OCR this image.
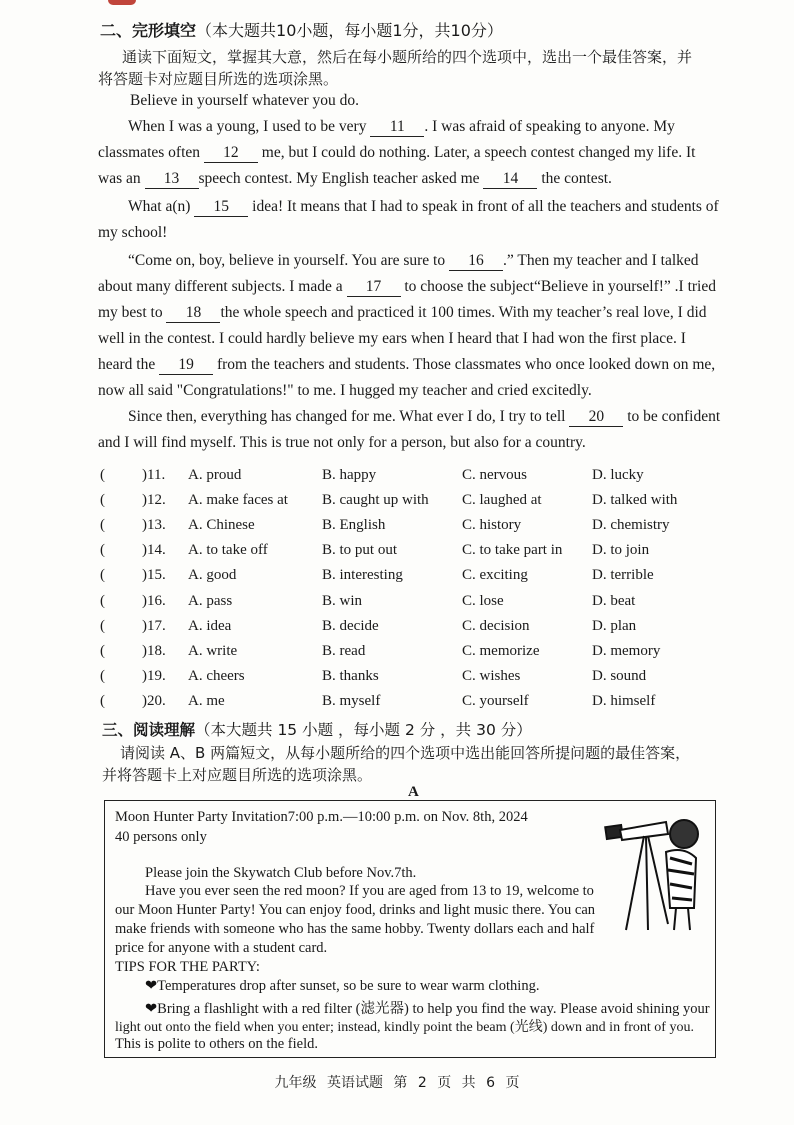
二、完形填空（本大题共10小题，每小题1分，共10分）
通读下面短文，掌握其大意，然后在每小题所给的四个选项中，选出一个最佳答案，并
将答题卡对应题目所选的选项涂黑。
Believe in yourself whatever you do.
When I was a young, I used to be very 11 . I was afraid of speaking to anyone. My
classmates often 12 me, but I could do nothing. Later, a speech contest changed my life. It
was an 13 speech contest. My English teacher asked me 14 the contest.
What a(n) 15 idea! It means that I had to speak in front of all the teachers and students of
my school!
“Come on, boy, believe in yourself. You are sure to 16 .” Then my teacher and I talked
about many different subjects. I made a 17 to choose the subject“Believe in yourself!” .I tried
my best to 18 the whole speech and practiced it 100 times. With my teacher’s real love, I did
well in the contest. I could hardly believe my ears when I heard that I had won the first place. I
heard the 19 from the teachers and students. Those classmates who once looked down on me,
now all said "Congratulations!" to me. I hugged my teacher and cried excitedly.
Since then, everything has changed for me. What ever I do, I try to tell 20 to be confident
and I will find myself. This is true not only for a person, but also for a country.
( )11. A. proud	B. happy	C. nervous	D. lucky
( )12. A. make faces at B. caught up with C. laughed at	D. talked with
( )13. A. Chinese	B. English	C. history	D. chemistry
( )14. A. to take off	B. to put out	C. to take part in D. to join
( )15. A. good	B. interesting	C. exciting	D. terrible
( )16. A. pass	B. win	C. lose	D. beat
( )17. A. idea	B. decide	C. decision	D. plan
( )18. A. write	B. read	C. memorize	D. memory
( )19. A. cheers	B. thanks	C. wishes	D. sound
( )20. A. me	B. myself	C. yourself	D. himself
三、阅读理解（本大题共 15 小题 ，每小题 2 分 ，共 30 分）
请阅读 A、B 两篇短文，从每小题所给的四个选项中选出能回答所提问题的最佳答案，
并将答题卡上对应题目所选的选项涂黑。
A
Moon Hunter Party Invitation7:00 p.m.—10:00 p.m. on Nov. 8th, 2024
40 persons only
Please join the Skywatch Club before Nov.7th.
Have you ever seen the red moon? If you are aged from 13 to 19, welcome to
our Moon Hunter Party! You can enjoy food, drinks and light music there. You can
make friends with someone who has the same hobby. Twenty dollars each and half
price for anyone with a student card.
TIPS FOR THE PARTY:
❤Temperatures drop after sunset, so be sure to wear warm clothing.
❤Bring a flashlight with a red filter (滤光器) to help you find the way. Please avoid shining your
light out onto the field when you enter; instead, kindly point the beam (光线) down and in front of you.
This is polite to others on the field.
九年级 英语试题 第 2 页 共 6 页
